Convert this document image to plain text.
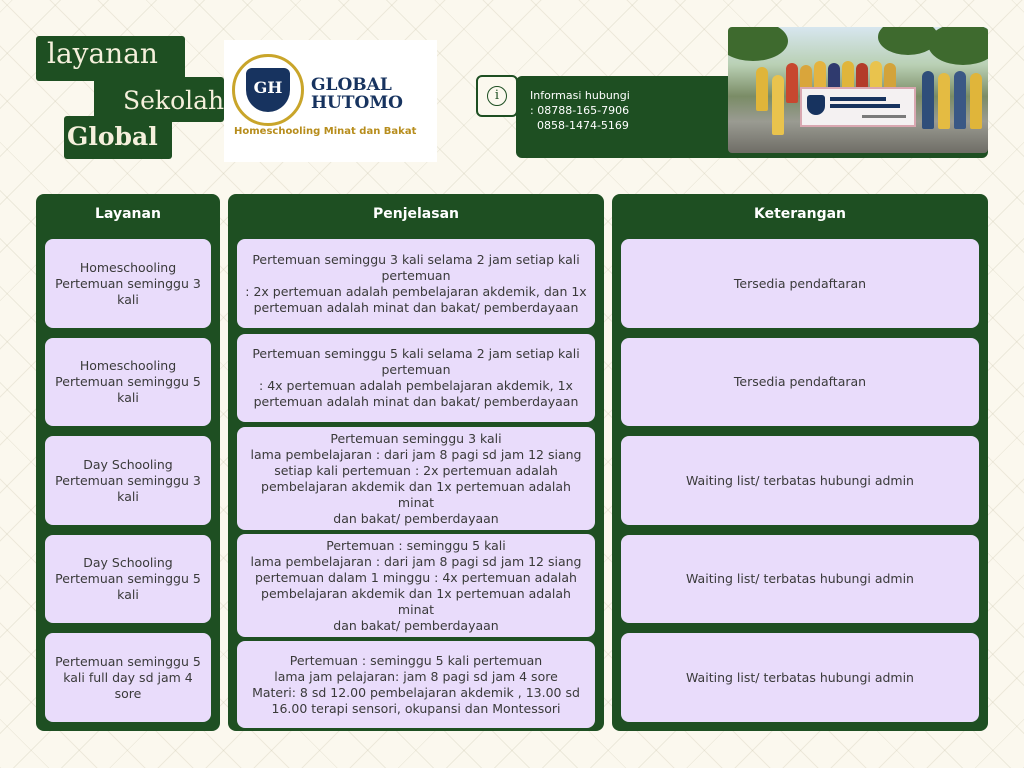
layanan
Sekolah
Global
GH	GLOBAL
HUTOMO
Homeschooling Minat dan Bakat
Informasi hubungi
: 08788-165-7906
0858-1474-5169
i
Layanan
Homeschooling
Pertemuan seminggu 3
kali
Homeschooling
Pertemuan seminggu 5
kali
Day Schooling
Pertemuan seminggu 3
kali
Day Schooling
Pertemuan seminggu 5
kali
Pertemuan seminggu 5
kali full day sd jam 4
sore
Penjelasan
Pertemuan seminggu 3 kali selama 2 jam setiap kali
pertemuan
: 2x pertemuan adalah pembelajaran akdemik, dan 1x
pertemuan adalah minat dan bakat/ pemberdayaan
Pertemuan seminggu 5 kali selama 2 jam setiap kali
pertemuan
: 4x pertemuan adalah pembelajaran akdemik, 1x
pertemuan adalah minat dan bakat/ pemberdayaan
Pertemuan seminggu 3 kali
lama pembelajaran : dari jam 8 pagi sd jam 12 siang
setiap kali pertemuan : 2x pertemuan adalah
pembelajaran akdemik dan 1x pertemuan adalah minat
dan bakat/ pemberdayaan
Pertemuan : seminggu 5 kali
lama pembelajaran : dari jam 8 pagi sd jam 12 siang
pertemuan dalam 1 minggu : 4x pertemuan adalah
pembelajaran akdemik dan 1x pertemuan adalah minat
dan bakat/ pemberdayaan
Pertemuan : seminggu 5 kali pertemuan
lama jam pelajaran: jam 8 pagi sd jam 4 sore
Materi: 8 sd 12.00 pembelajaran akdemik , 13.00 sd
16.00 terapi sensori, okupansi dan Montessori
Keterangan
Tersedia pendaftaran
Tersedia pendaftaran
Waiting list/ terbatas hubungi admin
Waiting list/ terbatas hubungi admin
Waiting list/ terbatas hubungi admin
